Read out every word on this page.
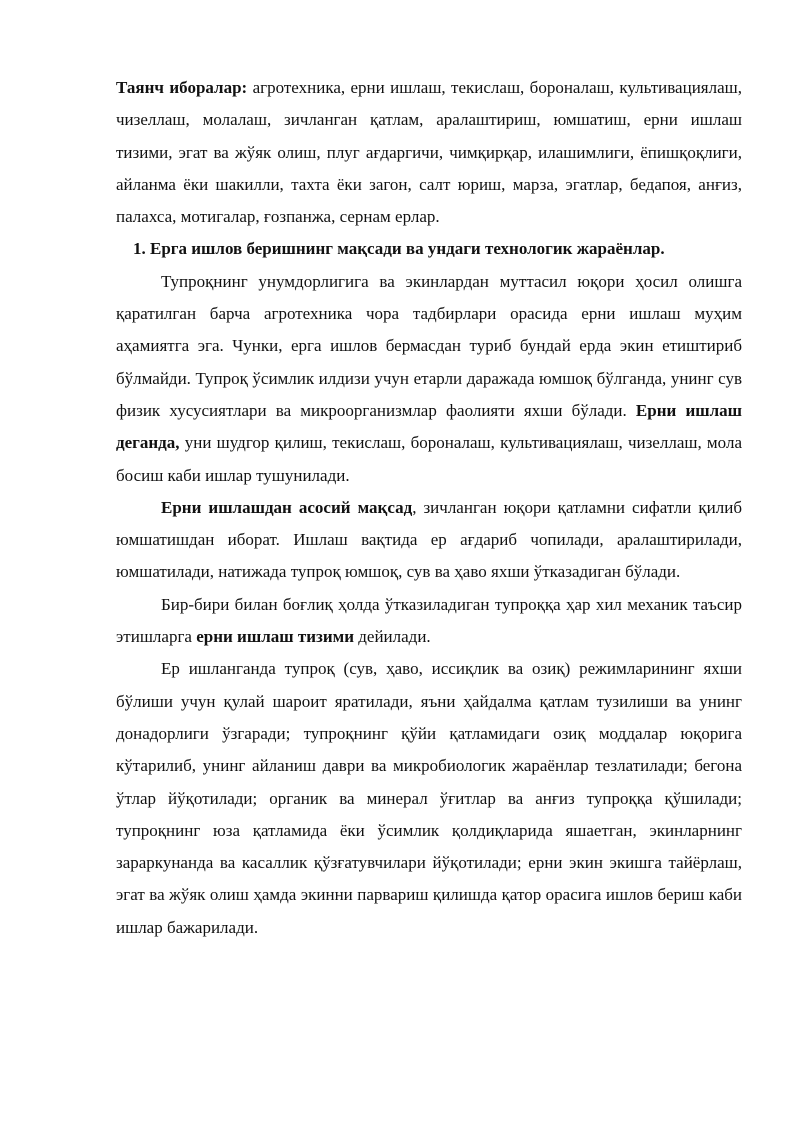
Таянч иборалар: агротехника, ерни ишлаш, текислаш, бороналаш, культивациялаш, чизеллаш, молалаш, зичланган қатлам, аралаштириш, юмшатиш, ерни ишлаш тизими, эгат ва жўяк олиш, плуг ағдаргичи, чимқирқар, илашимлиги, ёпишқоқлиги, айланма ёки шакилли, тахта ёки загон, салт юриш, марза, эгатлар, бедапоя, анғиз, палахса, мотигалар, ғозпанжа, сернам ерлар.

1. Ерга ишлов беришнинг мақсади ва ундаги технологик жараёнлар.

Тупроқнинг унумдорлигига ва экинлардан муттасил юқори ҳосил олишга қаратилган барча агротехника чора тадбирлари орасида ерни ишлаш муҳим аҳамиятга эга. Чунки, ерга ишлов бермасдан туриб бундай ерда экин етиштириб бўлмайди. Тупроқ ўсимлик илдизи учун етарли даражада юмшоқ бўлганда, унинг сув физик хусусиятлари ва микроорганизмлар фаолияти яхши бўлади. Ерни ишлаш деганда, уни шудгор қилиш, текислаш, бороналаш, культивациялаш, чизеллаш, мола босиш каби ишлар тушунилади.

Ерни ишлашдан асосий мақсад, зичланган юқори қатламни сифатли қилиб юмшатишдан иборат. Ишлаш вақтида ер ағдариб чопилади, аралаштирилади, юмшатилади, натижада тупроқ юмшоқ, сув ва ҳаво яхши ўтказадиган бўлади.

Бир-бири билан боғлиқ ҳолда ўтказиладиган тупроққа ҳар хил механик таъсир этишларга ерни ишлаш тизими дейилади.

Ер ишланганда тупроқ (сув, ҳаво, иссиқлик ва озиқ) режимларининг яхши бўлиши учун қулай шароит яратилади, яъни ҳайдалма қатлам тузилиши ва унинг донадорлиги ўзгаради; тупроқнинг қўйи қатламидаги озиқ моддалар юқорига кўтарилиб, унинг айланиш даври ва микробиологик жараёнлар тезлатилади; бегона ўтлар йўқотилади; органик ва минерал ўғитлар ва анғиз тупроққа қўшилади; тупроқнинг юза қатламида ёки ўсимлик қолдиқларида яшаетган, экинларнинг зараркунанда ва касаллик қўзғатувчилари йўқотилади; ерни экин экишга тайёрлаш, эгат ва жўяк олиш ҳамда экинни парвариш қилишда қатор орасига ишлов бериш каби ишлар бажарилади.
